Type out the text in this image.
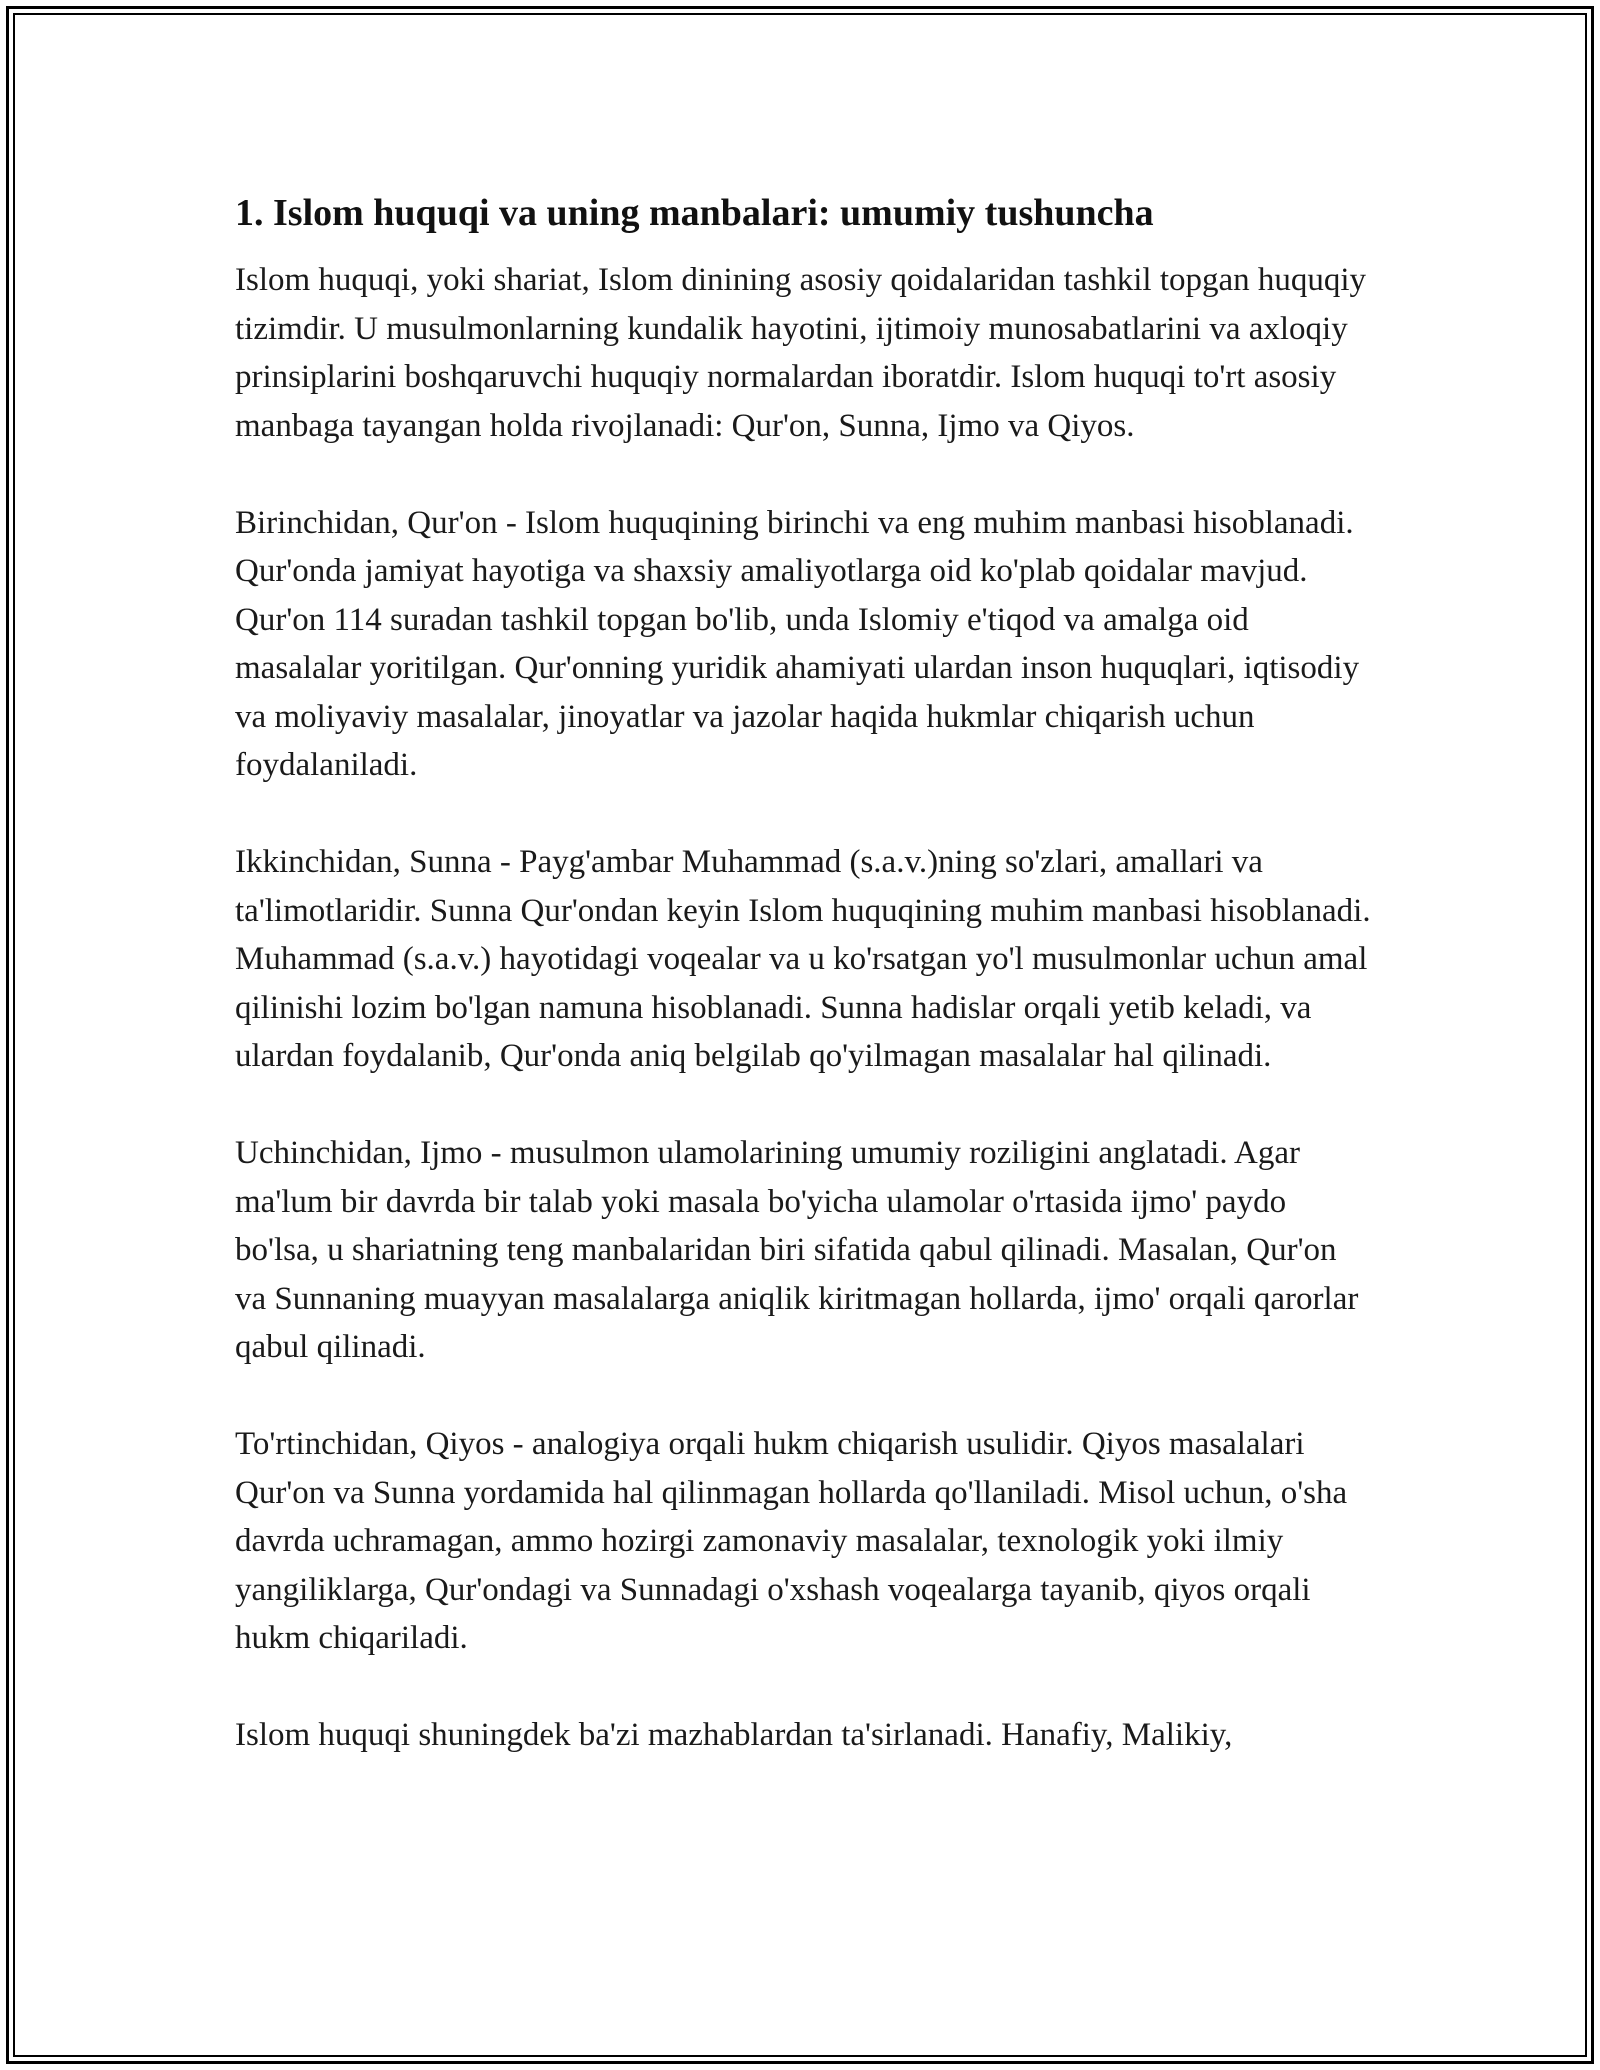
1. Islom huquqi va uning manbalari: umumiy tushuncha

Islom huquqi, yoki shariat, Islom dinining asosiy qoidalaridan tashkil topgan huquqiy tizimdir. U musulmonlarning kundalik hayotini, ijtimoiy munosabatlarini va axloqiy prinsiplarini boshqaruvchi huquqiy normalardan iboratdir. Islom huquqi to'rt asosiy manbaga tayangan holda rivojlanadi: Qur'on, Sunna, Ijmo va Qiyos.

Birinchidan, Qur'on - Islom huquqining birinchi va eng muhim manbasi hisoblanadi. Qur'onda jamiyat hayotiga va shaxsiy amaliyotlarga oid ko'plab qoidalar mavjud. Qur'on 114 suradan tashkil topgan bo'lib, unda Islomiy e'tiqod va amalga oid masalalar yoritilgan. Qur'onning yuridik ahamiyati ulardan inson huquqlari, iqtisodiy va moliyaviy masalalar, jinoyatlar va jazolar haqida hukmlar chiqarish uchun foydalaniladi.

Ikkinchidan, Sunna - Payg'ambar Muhammad (s.a.v.)ning so'zlari, amallari va ta'limotlaridir. Sunna Qur'ondan keyin Islom huquqining muhim manbasi hisoblanadi. Muhammad (s.a.v.) hayotidagi voqealar va u ko'rsatgan yo'l musulmonlar uchun amal qilinishi lozim bo'lgan namuna hisoblanadi. Sunna hadislar orqali yetib keladi, va ulardan foydalanib, Qur'onda aniq belgilab qo'yilmagan masalalar hal qilinadi.

Uchinchidan, Ijmo - musulmon ulamolarining umumiy roziligini anglatadi. Agar ma'lum bir davrda bir talab yoki masala bo'yicha ulamolar o'rtasida ijmo' paydo bo'lsa, u shariatning teng manbalaridan biri sifatida qabul qilinadi. Masalan, Qur'on va Sunnaning muayyan masalalarga aniqlik kiritmagan hollarda, ijmo' orqali qarorlar qabul qilinadi.

To'rtinchidan, Qiyos - analogiya orqali hukm chiqarish usulidir. Qiyos masalalari Qur'on va Sunna yordamida hal qilinmagan hollarda qo'llaniladi. Misol uchun, o'sha davrda uchramagan, ammo hozirgi zamonaviy masalalar, texnologik yoki ilmiy yangiliklarga, Qur'ondagi va Sunnadagi o'xshash voqealarga tayanib, qiyos orqali hukm chiqariladi.

Islom huquqi shuningdek ba'zi mazhablardan ta'sirlanadi. Hanafiy, Malikiy,
